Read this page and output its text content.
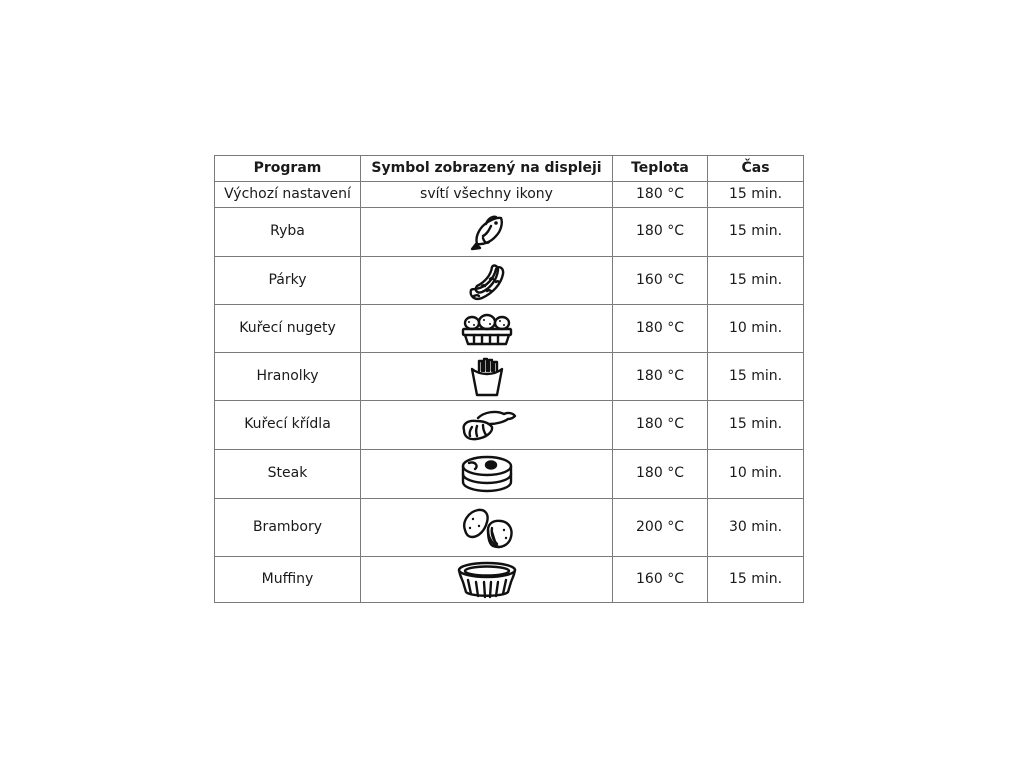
Program	Symbol zobrazený na displeji	Teplota	Čas
Výchozí nastavení	svítí všechny ikony	180 °C	15 min.
Ryba		180 °C	15 min.
Párky		160 °C	15 min.
Kuřecí nugety		180 °C	10 min.
Hranolky		180 °C	15 min.
Kuřecí křídla		180 °C	15 min.
Steak		180 °C	10 min.
Brambory		200 °C	30 min.
Muffiny		160 °C	15 min.
